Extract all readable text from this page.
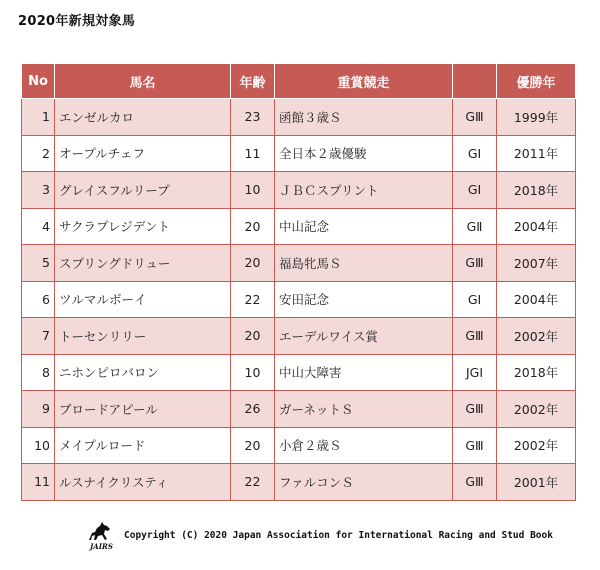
2020年新規対象馬
No	馬名	年齢	重賞競走		優勝年
1	エンゼルカロ	23	函館３歳Ｓ	GⅢ	1999年
2	オープルチェフ	11	全日本２歳優駿	GⅠ	2011年
3	グレイスフルリープ	10	ＪＢＣスプリント	GⅠ	2018年
4	サクラプレジデント	20	中山記念	GⅡ	2004年
5	スプリングドリュー	20	福島牝馬Ｓ	GⅢ	2007年
6	ツルマルボーイ	22	安田記念	GⅠ	2004年
7	トーセンリリー	20	エーデルワイス賞	GⅢ	2002年
8	ニホンピロバロン	10	中山大障害	JGⅠ	2018年
9	ブロードアピール	26	ガーネットＳ	GⅢ	2002年
10	メイプルロード	20	小倉２歳Ｓ	GⅢ	2002年
11	ルスナイクリスティ	22	ファルコンＳ	GⅢ	2001年
JAIRS
Copyright (C) 2020 Japan Association for International Racing and Stud Book
